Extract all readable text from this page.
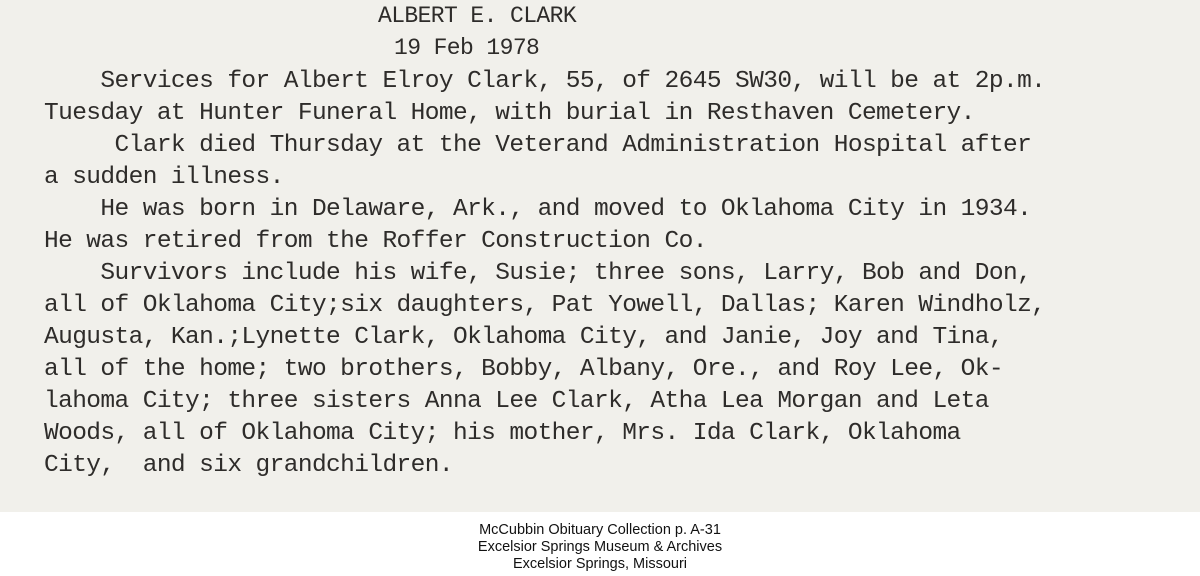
ALBERT E. CLARK
19 Feb 1978
Services for Albert Elroy Clark, 55, of 2645 SW30, will be at 2p.m.
Tuesday at Hunter Funeral Home, with burial in Resthaven Cemetery.
Clark died Thursday at the Veterand Administration Hospital after
a sudden illness.
He was born in Delaware, Ark., and moved to Oklahoma City in 1934.
He was retired from the Roffer Construction Co.
Survivors include his wife, Susie; three sons, Larry, Bob and Don,
all of Oklahoma City;six daughters, Pat Yowell, Dallas; Karen Windholz,
Augusta, Kan.;Lynette Clark, Oklahoma City, and Janie, Joy and Tina,
all of the home; two brothers, Bobby, Albany, Ore., and Roy Lee, Ok-
lahoma City; three sisters Anna Lee Clark, Atha Lea Morgan and Leta
Woods, all of Oklahoma City; his mother, Mrs. Ida Clark, Oklahoma
City,  and six grandchildren.
McCubbin Obituary Collection p. A-31
Excelsior Springs Museum & Archives
Excelsior Springs, Missouri
